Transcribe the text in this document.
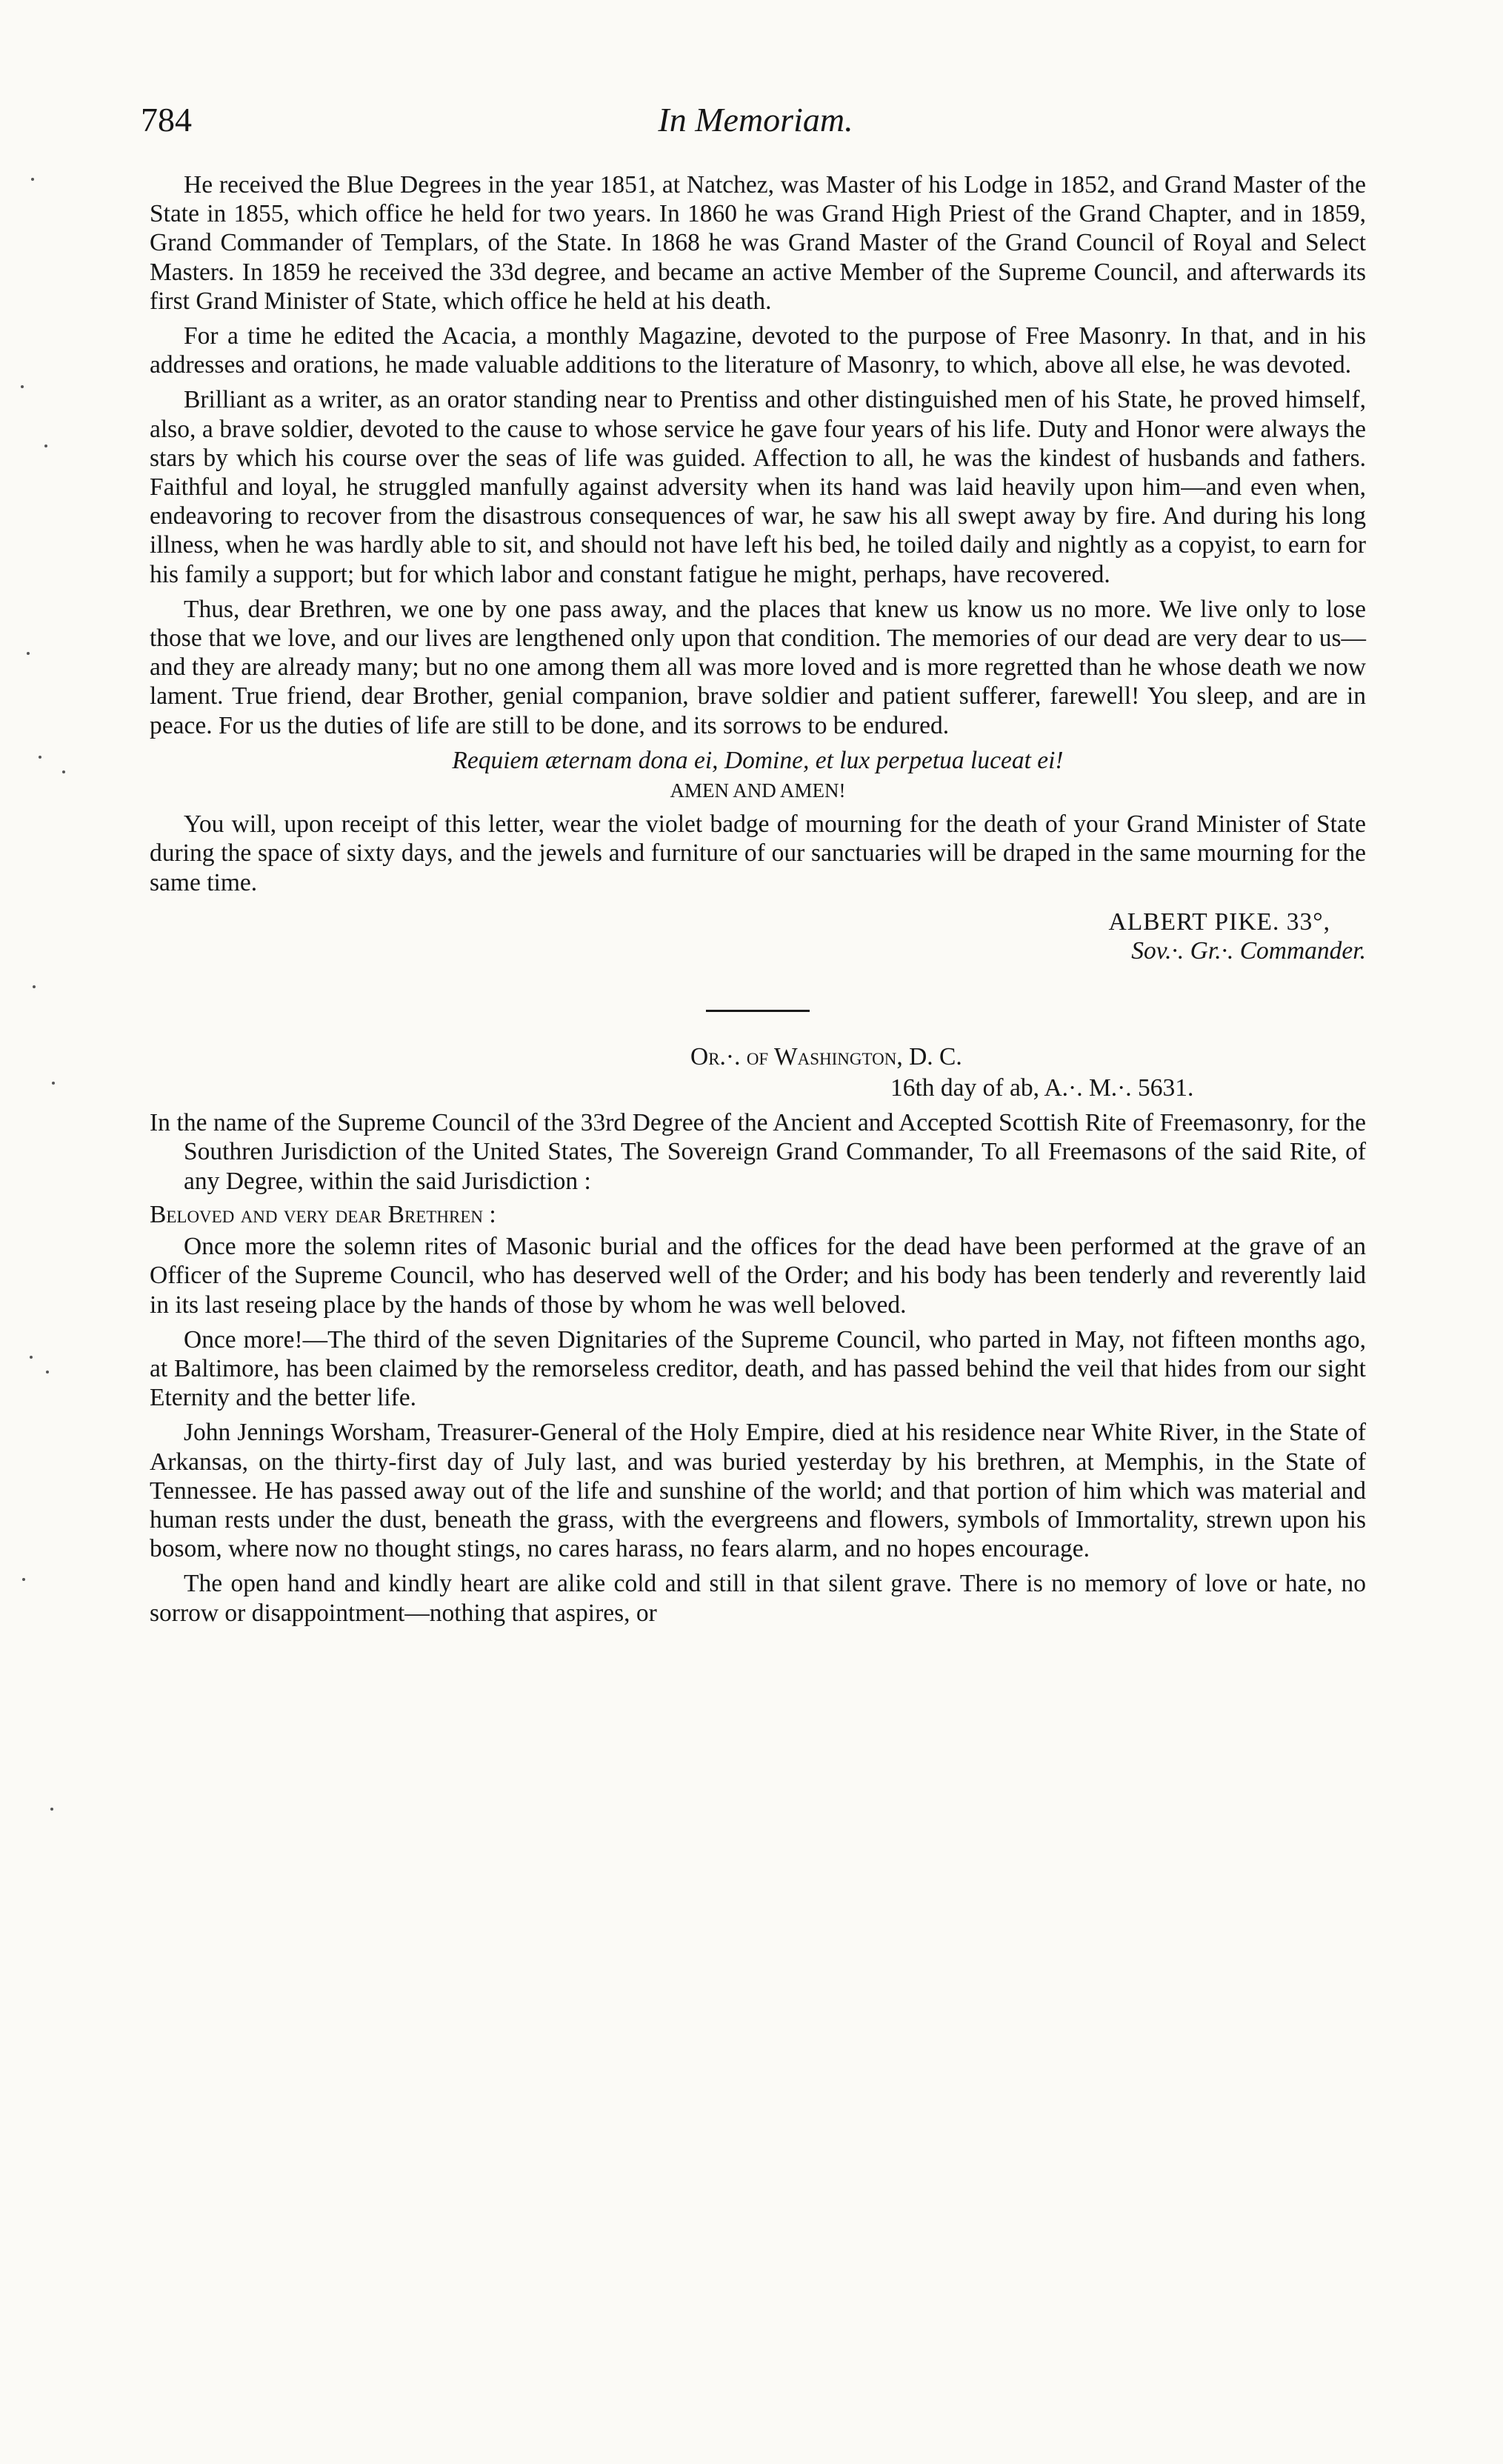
784	In Memoriam.

He received the Blue Degrees in the year 1851, at Natchez, was Master of his Lodge in 1852, and Grand Master of the State in 1855, which office he held for two years. In 1860 he was Grand High Priest of the Grand Chapter, and in 1859, Grand Commander of Templars, of the State. In 1868 he was Grand Master of the Grand Council of Royal and Select Masters. In 1859 he received the 33d degree, and became an active Member of the Supreme Council, and afterwards its first Grand Minister of State, which office he held at his death.

For a time he edited the Acacia, a monthly Magazine, devoted to the purpose of Free Masonry. In that, and in his addresses and orations, he made valuable additions to the literature of Masonry, to which, above all else, he was devoted.

Brilliant as a writer, as an orator standing near to Prentiss and other distinguished men of his State, he proved himself, also, a brave soldier, devoted to the cause to whose service he gave four years of his life. Duty and Honor were always the stars by which his course over the seas of life was guided. Affection to all, he was the kindest of husbands and fathers. Faithful and loyal, he struggled manfully against adversity when its hand was laid heavily upon him—and even when, endeavoring to recover from the disastrous consequences of war, he saw his all swept away by fire. And during his long illness, when he was hardly able to sit, and should not have left his bed, he toiled daily and nightly as a copyist, to earn for his family a support; but for which labor and constant fatigue he might, perhaps, have recovered.

Thus, dear Brethren, we one by one pass away, and the places that knew us know us no more. We live only to lose those that we love, and our lives are lengthened only upon that condition. The memories of our dead are very dear to us—and they are already many; but no one among them all was more loved and is more regretted than he whose death we now lament. True friend, dear Brother, genial companion, brave soldier and patient sufferer, farewell! You sleep, and are in peace. For us the duties of life are still to be done, and its sorrows to be endured.

Requiem æternam dona ei, Domine, et lux perpetua luceat ei!
AMEN AND AMEN!

You will, upon receipt of this letter, wear the violet badge of mourning for the death of your Grand Minister of State during the space of sixty days, and the jewels and furniture of our sanctuaries will be draped in the same mourning for the same time.

ALBERT PIKE. 33°,
Sov.·. Gr.·. Commander.
Or.·. of Washington, D. C.
16th day of ab, A.·. M.·. 5631.
In the name of the Supreme Council of the 33rd Degree of the Ancient and Accepted Scottish Rite of Freemasonry, for the Southren Jurisdiction of the United States, The Sovereign Grand Commander, To all Freemasons of the said Rite, of any Degree, within the said Jurisdiction :
Beloved and very dear Brethren :

Once more the solemn rites of Masonic burial and the offices for the dead have been performed at the grave of an Officer of the Supreme Council, who has deserved well of the Order; and his body has been tenderly and reverently laid in its last reseing place by the hands of those by whom he was well beloved.

Once more!—The third of the seven Dignitaries of the Supreme Council, who parted in May, not fifteen months ago, at Baltimore, has been claimed by the remorseless creditor, death, and has passed behind the veil that hides from our sight Eternity and the better life.

John Jennings Worsham, Treasurer-General of the Holy Empire, died at his residence near White River, in the State of Arkansas, on the thirty-first day of July last, and was buried yesterday by his brethren, at Memphis, in the State of Tennessee. He has passed away out of the life and sunshine of the world; and that portion of him which was material and human rests under the dust, beneath the grass, with the evergreens and flowers, symbols of Immortality, strewn upon his bosom, where now no thought stings, no cares harass, no fears alarm, and no hopes encourage.

The open hand and kindly heart are alike cold and still in that silent grave. There is no memory of love or hate, no sorrow or disappointment—nothing that aspires, or
